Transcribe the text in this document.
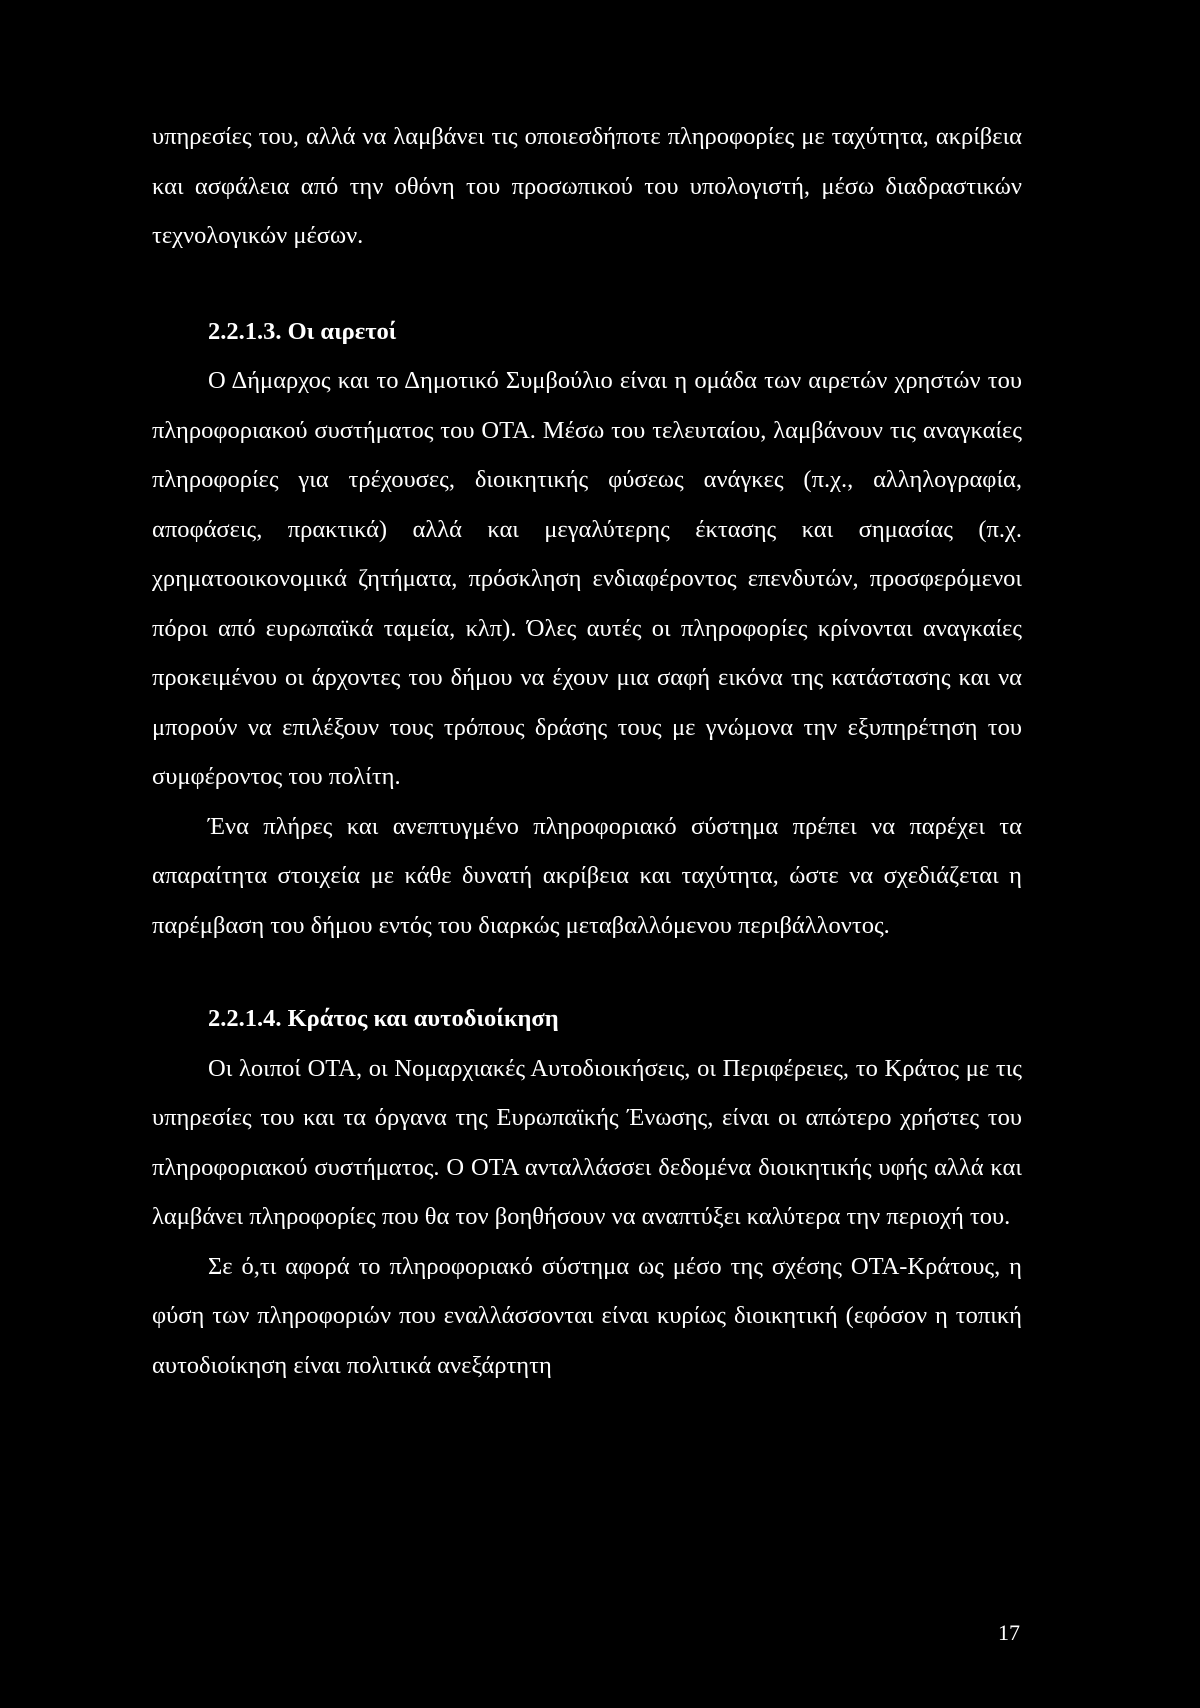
υπηρεσίες του, αλλά να λαμβάνει τις οποιεσδήποτε πληροφορίες με ταχύτητα, ακρίβεια και ασφάλεια από την οθόνη του προσωπικού του υπολογιστή, μέσω διαδραστικών τεχνολογικών μέσων.

2.2.1.3. Οι αιρετοί

Ο Δήμαρχος και το Δημοτικό Συμβούλιο είναι η ομάδα των αιρετών χρηστών του πληροφοριακού συστήματος του ΟΤΑ. Μέσω του τελευταίου, λαμβάνουν τις αναγκαίες πληροφορίες για τρέχουσες, διοικητικής φύσεως ανάγκες (π.χ., αλληλογραφία, αποφάσεις, πρακτικά) αλλά και μεγαλύτερης έκτασης και σημασίας (π.χ. χρηματοοικονομικά ζητήματα, πρόσκληση ενδιαφέροντος επενδυτών, προσφερόμενοι πόροι από ευρωπαϊκά ταμεία, κλπ). Όλες αυτές οι πληροφορίες κρίνονται αναγκαίες προκειμένου οι άρχοντες του δήμου να έχουν μια σαφή εικόνα της κατάστασης και να μπορούν να επιλέξουν τους τρόπους δράσης τους με γνώμονα την εξυπηρέτηση του συμφέροντος του πολίτη.

Ένα πλήρες και ανεπτυγμένο πληροφοριακό σύστημα πρέπει να παρέχει τα απαραίτητα στοιχεία με κάθε δυνατή ακρίβεια και ταχύτητα, ώστε να σχεδιάζεται η παρέμβαση του δήμου εντός του διαρκώς μεταβαλλόμενου περιβάλλοντος.

2.2.1.4. Κράτος και αυτοδιοίκηση

Οι λοιποί ΟΤΑ, οι Νομαρχιακές Αυτοδιοικήσεις, οι Περιφέρειες, το Κράτος με τις υπηρεσίες του και τα όργανα της Ευρωπαϊκής Ένωσης, είναι οι απώτερο χρήστες του πληροφοριακού συστήματος. Ο ΟΤΑ ανταλλάσσει δεδομένα διοικητικής υφής αλλά και λαμβάνει πληροφορίες που θα τον βοηθήσουν να αναπτύξει καλύτερα την περιοχή του.

Σε ό,τι αφορά το πληροφοριακό σύστημα ως μέσο της σχέσης ΟΤΑ-Κράτους, η φύση των πληροφοριών που εναλλάσσονται είναι κυρίως διοικητική (εφόσον η τοπική αυτοδιοίκηση είναι πολιτικά ανεξάρτητη

17
